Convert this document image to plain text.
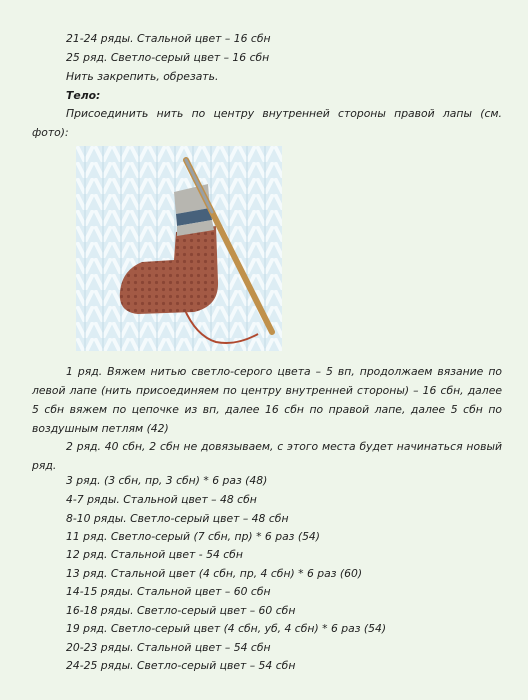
21-24 ряды. Стальной цвет – 16 сбн
25 ряд. Светло-серый цвет – 16 сбн
Нить закрепить, обрезать.
Тело:
Присоединить нить по центру внутренней стороны правой лапы (см. фото):
1 ряд. Вяжем нитью светло-серого цвета – 5 вп, продолжаем вязание по левой лапе (нить присоединяем по центру внутренней стороны) – 16 сбн, далее 5 сбн вяжем по цепочке из вп, далее 16 сбн по правой лапе, далее 5 сбн по воздушным петлям (42)
2 ряд. 40 сбн, 2 сбн не довязываем, с этого места будет начинаться новый ряд.
3 ряд. (3 сбн, пр, 3 сбн) * 6 раз (48)
4-7 ряды. Стальной цвет – 48 сбн
8-10 ряды. Светло-серый цвет – 48 сбн
11 ряд. Светло-серый (7 сбн, пр) * 6 раз (54)
12 ряд. Стальной цвет - 54 сбн
13 ряд. Стальной цвет (4 сбн, пр, 4 сбн) * 6 раз (60)
14-15 ряды. Стальной цвет – 60 сбн
16-18 ряды. Светло-серый цвет – 60 сбн
19 ряд. Светло-серый цвет (4 сбн, уб, 4 сбн) * 6 раз (54)
20-23 ряды. Стальной цвет – 54 сбн
24-25 ряды. Светло-серый цвет – 54 сбн
